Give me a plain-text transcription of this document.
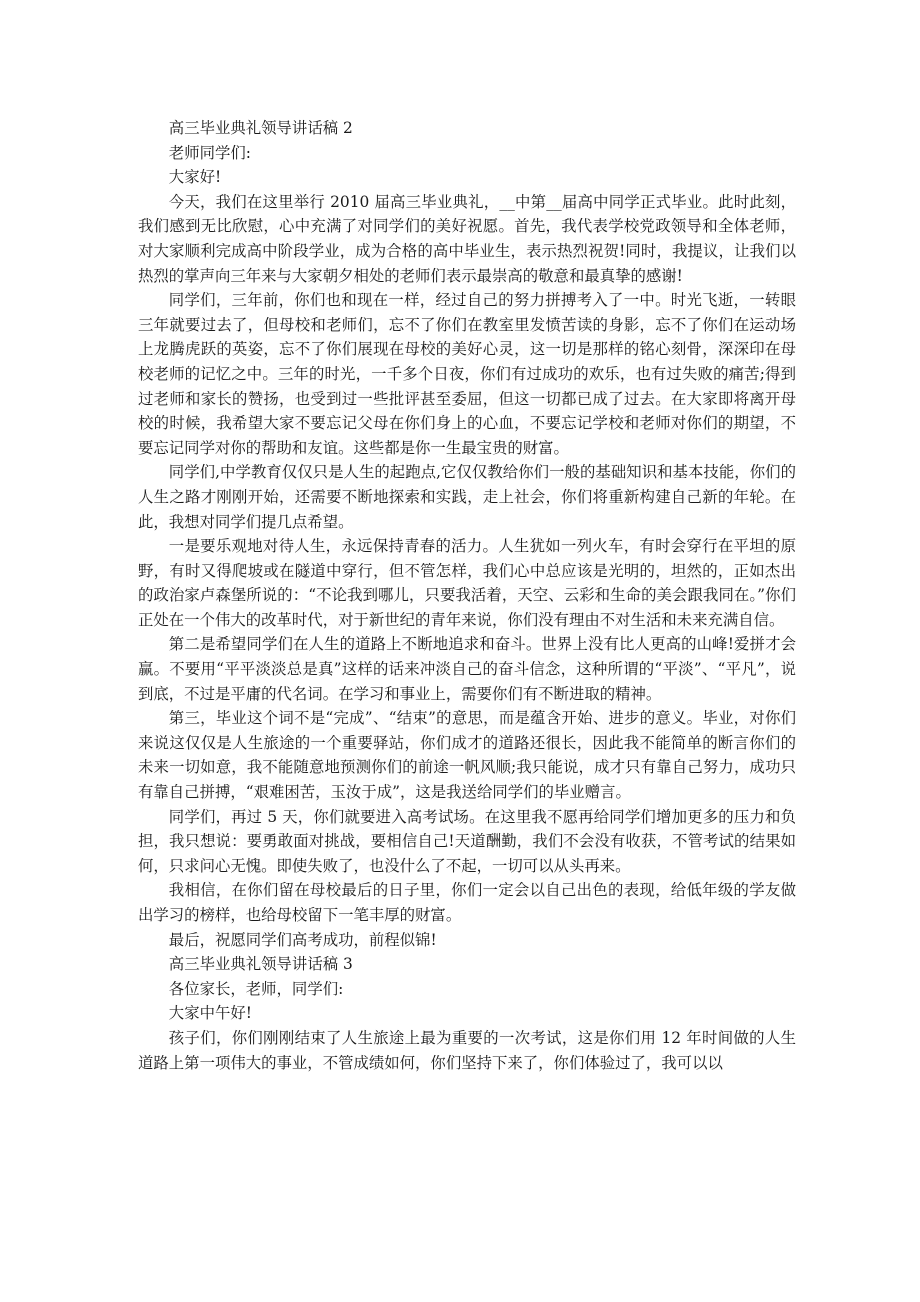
高三毕业典礼领导讲话稿 2

老师同学们:

大家好!

今天，我们在这里举行 2010 届高三毕业典礼，__中第__届高中同学正式毕业。此时此刻，我们感到无比欣慰，心中充满了对同学们的美好祝愿。首先，我代表学校党政领导和全体老师，对大家顺利完成高中阶段学业，成为合格的高中毕业生，表示热烈祝贺!同时，我提议，让我们以热烈的掌声向三年来与大家朝夕相处的老师们表示最崇高的敬意和最真挚的感谢!

同学们，三年前，你们也和现在一样，经过自己的努力拼搏考入了一中。时光飞逝，一转眼三年就要过去了，但母校和老师们，忘不了你们在教室里发愤苦读的身影，忘不了你们在运动场上龙腾虎跃的英姿，忘不了你们展现在母校的美好心灵，这一切是那样的铭心刻骨，深深印在母校老师的记忆之中。三年的时光，一千多个日夜，你们有过成功的欢乐，也有过失败的痛苦;得到过老师和家长的赞扬，也受到过一些批评甚至委屈，但这一切都已成了过去。在大家即将离开母校的时候，我希望大家不要忘记父母在你们身上的心血，不要忘记学校和老师对你们的期望，不要忘记同学对你的帮助和友谊。这些都是你一生最宝贵的财富。

同学们,中学教育仅仅只是人生的起跑点,它仅仅教给你们一般的基础知识和基本技能，你们的人生之路才刚刚开始，还需要不断地探索和实践，走上社会，你们将重新构建自己新的年轮。在此，我想对同学们提几点希望。

一是要乐观地对待人生，永远保持青春的活力。人生犹如一列火车，有时会穿行在平坦的原野，有时又得爬坡或在隧道中穿行，但不管怎样，我们心中总应该是光明的，坦然的，正如杰出的政治家卢森堡所说的：“不论我到哪儿，只要我活着，天空、云彩和生命的美会跟我同在。”你们正处在一个伟大的改革时代，对于新世纪的青年来说，你们没有理由不对生活和未来充满自信。

第二是希望同学们在人生的道路上不断地追求和奋斗。世界上没有比人更高的山峰!爱拼才会赢。不要用“平平淡淡总是真”这样的话来冲淡自己的奋斗信念，这种所谓的“平淡”、“平凡”，说到底，不过是平庸的代名词。在学习和事业上，需要你们有不断进取的精神。

第三，毕业这个词不是“完成”、“结束”的意思，而是蕴含开始、进步的意义。毕业，对你们来说这仅仅是人生旅途的一个重要驿站，你们成才的道路还很长，因此我不能简单的断言你们的未来一切如意，我不能随意地预测你们的前途一帆风顺;我只能说，成才只有靠自己努力，成功只有靠自己拼搏，“艰难困苦，玉汝于成”，这是我送给同学们的毕业赠言。

同学们，再过 5 天，你们就要进入高考试场。在这里我不愿再给同学们增加更多的压力和负担，我只想说：要勇敢面对挑战，要相信自己!天道酬勤，我们不会没有收获，不管考试的结果如何，只求问心无愧。即使失败了，也没什么了不起，一切可以从头再来。

我相信，在你们留在母校最后的日子里，你们一定会以自己出色的表现，给低年级的学友做出学习的榜样，也给母校留下一笔丰厚的财富。

最后，祝愿同学们高考成功，前程似锦!

高三毕业典礼领导讲话稿 3

各位家长，老师，同学们:

大家中午好!

孩子们，你们刚刚结束了人生旅途上最为重要的一次考试，这是你们用 12 年时间做的人生道路上第一项伟大的事业，不管成绩如何，你们坚持下来了，你们体验过了，我可以以
